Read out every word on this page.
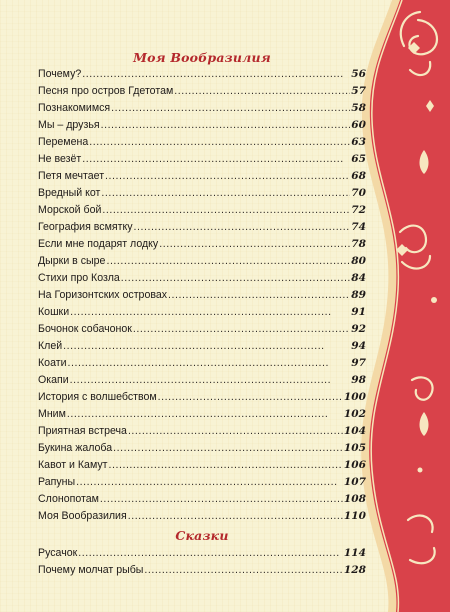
Моя Вообразилия
Почему? . . .	56
Песня про остров Гдетотам . . .	57
Познакомимся . . .	58
Мы – друзья . . .	60
Перемена . . .	63
Не везёт . . .	65
Петя мечтает . . .	68
Вредный кот . . .	70
Морской бой . . .	72
География всмятку . . .	74
Если мне подарят лодку . . .	78
Дырки в сыре . . .	80
Стихи про Козла . . .	84
На Горизонтских островах . . .	89
Кошки . . .	91
Бочонок собачонок . . .	92
Клей . . .	94
Коати . . .	97
Окапи . . .	98
История с волшебством . . .	100
Мним . . .	102
Приятная встреча . . .	104
Букина жалоба . . .	105
Кавот и Камут . . .	106
Рапуны . . .	107
Слонопотам . . .	108
Моя Вообразилия . . .	110
Сказки
Русачок . . .	114
Почему молчат рыбы . . .	128
